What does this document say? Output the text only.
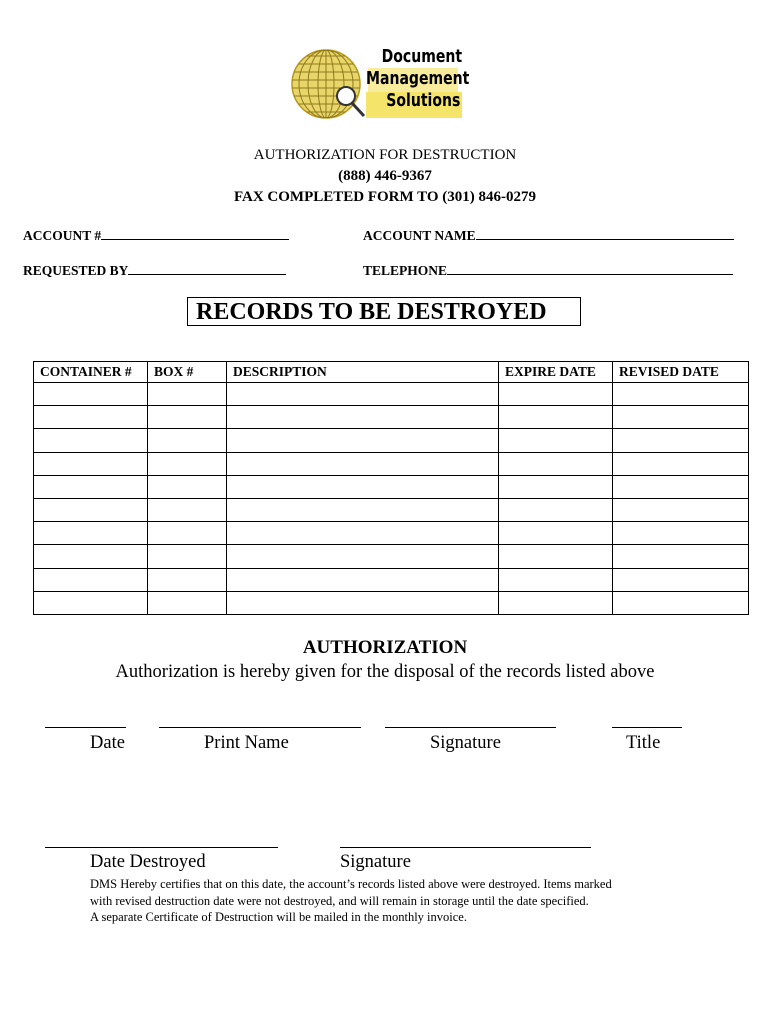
Document
Management
Solutions
AUTHORIZATION FOR DESTRUCTION
(888) 446-9367
FAX COMPLETED FORM TO (301) 846-0279
ACCOUNT #	ACCOUNT NAME
REQUESTED BY	TELEPHONE
RECORDS TO BE DESTROYED
CONTAINER #	BOX #	DESCRIPTION	EXPIRE DATE	REVISED DATE

AUTHORIZATION
Authorization is hereby given for the disposal of the records listed above
Date	Print Name	Signature	Title
Date Destroyed	Signature
DMS Hereby certifies that on this date, the account’s records listed above were destroyed. Items marked
with revised destruction date were not destroyed, and will remain in storage until the date specified.
A separate Certificate of Destruction will be mailed in the monthly invoice.
